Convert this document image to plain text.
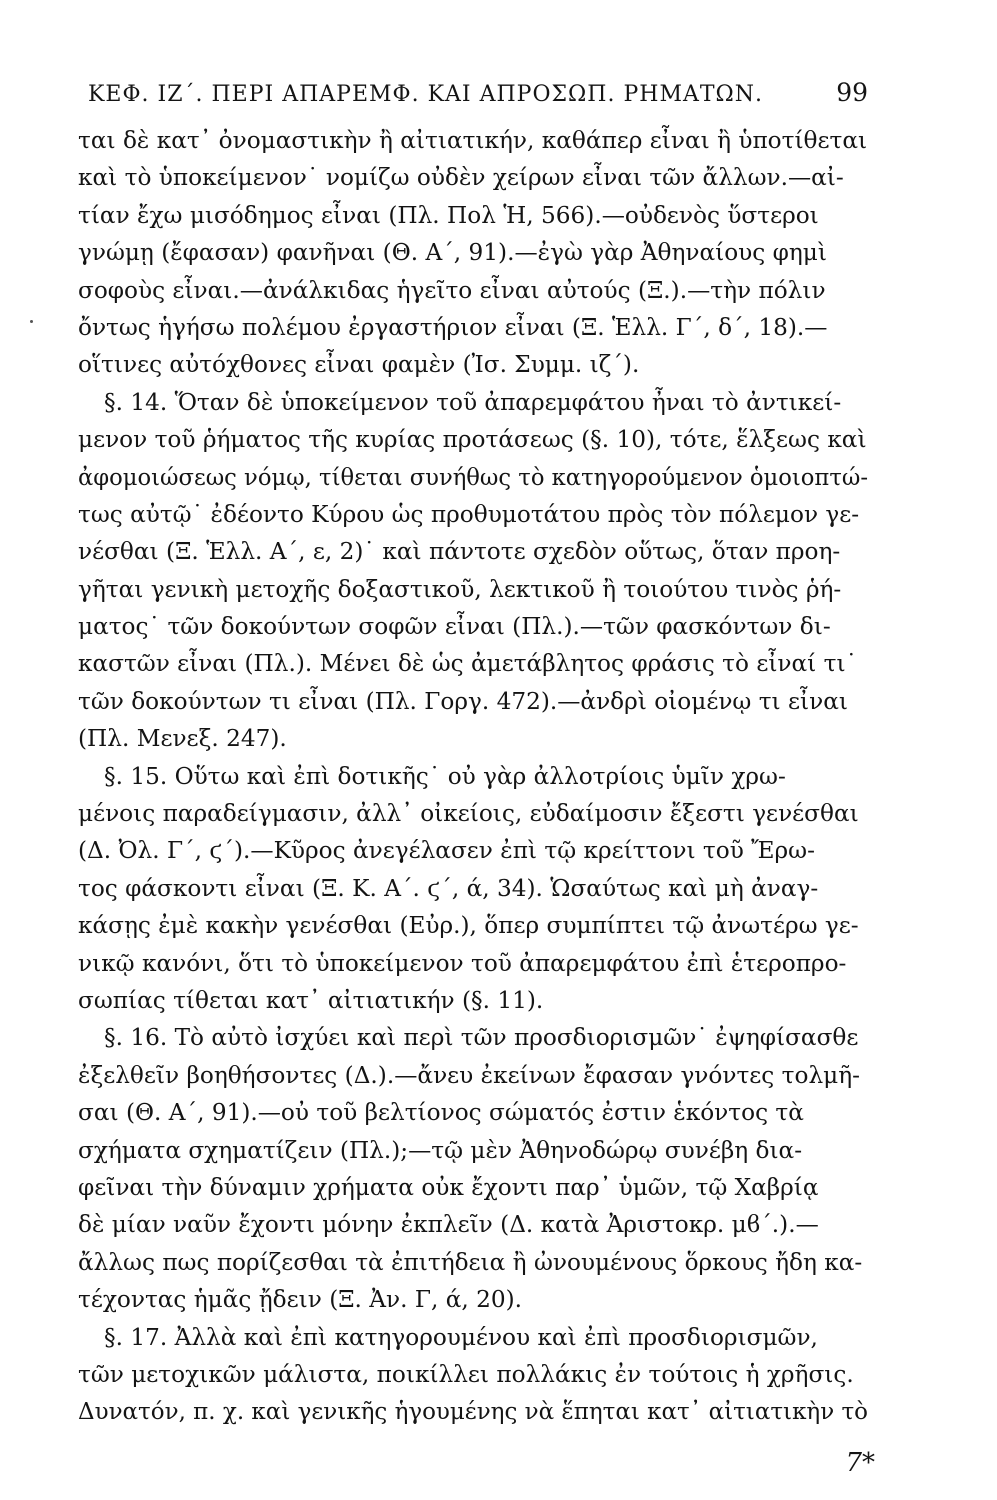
ΚΕΦ. ΙΖ΄. ΠΕΡΙ ΑΠΑΡΕΜΦ. ΚΑΙ ΑΠΡΟΣΩΠ. ΡΗΜΑΤΩΝ.	99
ται δὲ κατ᾽ ὀνομαστικὴν ἢ αἰτιατικήν, καθάπερ εἶναι ἢ ὑποτίθεται
καὶ τὸ ὑποκείμενον˙ νομίζω οὐδὲν χείρων εἶναι τῶν ἄλλων.—αἰ-
τίαν ἔχω μισόδημος εἶναι (Πλ. Πολ Ἡ, 566).—οὐδενὸς ὕστεροι
γνώμῃ (ἔφασαν) φανῆναι (Θ. Α΄, 91).—ἐγὼ γὰρ Ἀθηναίους φημὶ
σοφοὺς εἶναι.—ἀνάλκιδας ἡγεῖτο εἶναι αὐτούς (Ξ.).—τὴν πόλιν
ὄντως ἡγήσω πολέμου ἐργαστήριον εἶναι (Ξ. Ἑλλ. Γ΄, δ΄, 18).—
οἵτινες αὐτόχθονες εἶναι φαμὲν (Ἰσ. Συμμ. ιζ΄).
§. 14. Ὅταν δὲ ὑποκείμενον τοῦ ἀπαρεμφάτου ἦναι τὸ ἀντικεί-
μενον τοῦ ῥήματος τῆς κυρίας προτάσεως (§. 10), τότε, ἕλξεως καὶ
ἀφομοιώσεως νόμῳ, τίθεται συνήθως τὸ κατηγορούμενον ὁμοιοπτώ-
τως αὐτῷ˙ ἐδέοντο Κύρου ὡς προθυμοτάτου πρὸς τὸν πόλεμον γε-
νέσθαι (Ξ. Ἑλλ. Α΄, ε, 2)˙ καὶ πάντοτε σχεδὸν οὕτως, ὅταν προη-
γῆται γενικὴ μετοχῆς δοξαστικοῦ, λεκτικοῦ ἢ τοιούτου τινὸς ῥή-
ματος˙ τῶν δοκούντων σοφῶν εἶναι (Πλ.).—τῶν φασκόντων δι-
καστῶν εἶναι (Πλ.). Μένει δὲ ὡς ἀμετάβλητος φράσις τὸ εἶναί τι˙
τῶν δοκούντων τι εἶναι (Πλ. Γοργ. 472).—ἀνδρὶ οἰομένῳ τι εἶναι
(Πλ. Μενεξ. 247).
§. 15. Οὕτω καὶ ἐπὶ δοτικῆς˙ οὐ γὰρ ἀλλοτρίοις ὑμῖν χρω-
μένοις παραδείγμασιν, ἀλλ᾽ οἰκείοις, εὐδαίμοσιν ἔξεστι γενέσθαι
(Δ. Ὀλ. Γ΄, ϛ΄).—Κῦρος ἀνεγέλασεν ἐπὶ τῷ κρείττονι τοῦ Ἔρω-
τος φάσκοντι εἶναι (Ξ. Κ. Α΄. ϛ΄, ά, 34). Ὡσαύτως καὶ μὴ ἀναγ-
κάσῃς ἐμὲ κακὴν γενέσθαι (Εὐρ.), ὅπερ συμπίπτει τῷ ἀνωτέρω γε-
νικῷ κανόνι, ὅτι τὸ ὑποκείμενον τοῦ ἀπαρεμφάτου ἐπὶ ἑτεροπρο-
σωπίας τίθεται κατ᾽ αἰτιατικήν (§. 11).
§. 16. Τὸ αὐτὸ ἰσχύει καὶ περὶ τῶν προσδιορισμῶν˙ ἐψηφίσασθε
ἐξελθεῖν βοηθήσοντες (Δ.).—ἄνευ ἐκείνων ἔφασαν γνόντες τολμῆ-
σαι (Θ. Α΄, 91).—οὐ τοῦ βελτίονος σώματός ἐστιν ἑκόντος τὰ
σχήματα σχηματίζειν (Πλ.);—τῷ μὲν Ἀθηνοδώρῳ συνέβη δια-
φεῖναι τὴν δύναμιν χρήματα οὐκ ἔχοντι παρ᾽ ὑμῶν, τῷ Χαβρίᾳ
δὲ μίαν ναῦν ἔχοντι μόνην ἐκπλεῖν (Δ. κατὰ Ἀριστοκρ. μϐ΄.).—
ἄλλως πως πορίζεσθαι τὰ ἐπιτήδεια ἢ ὠνουμένους ὅρκους ἤδη κα-
τέχοντας ἡμᾶς ᾔδειν (Ξ. Ἀν. Γ, ά, 20).
§. 17. Ἀλλὰ καὶ ἐπὶ κατηγορουμένου καὶ ἐπὶ προσδιορισμῶν,
τῶν μετοχικῶν μάλιστα, ποικίλλει πολλάκις ἐν τούτοις ἡ χρῆσις.
Δυνατόν, π. χ. καὶ γενικῆς ἡγουμένης νὰ ἕπηται κατ᾽ αἰτιατικὴν τὸ
7*
